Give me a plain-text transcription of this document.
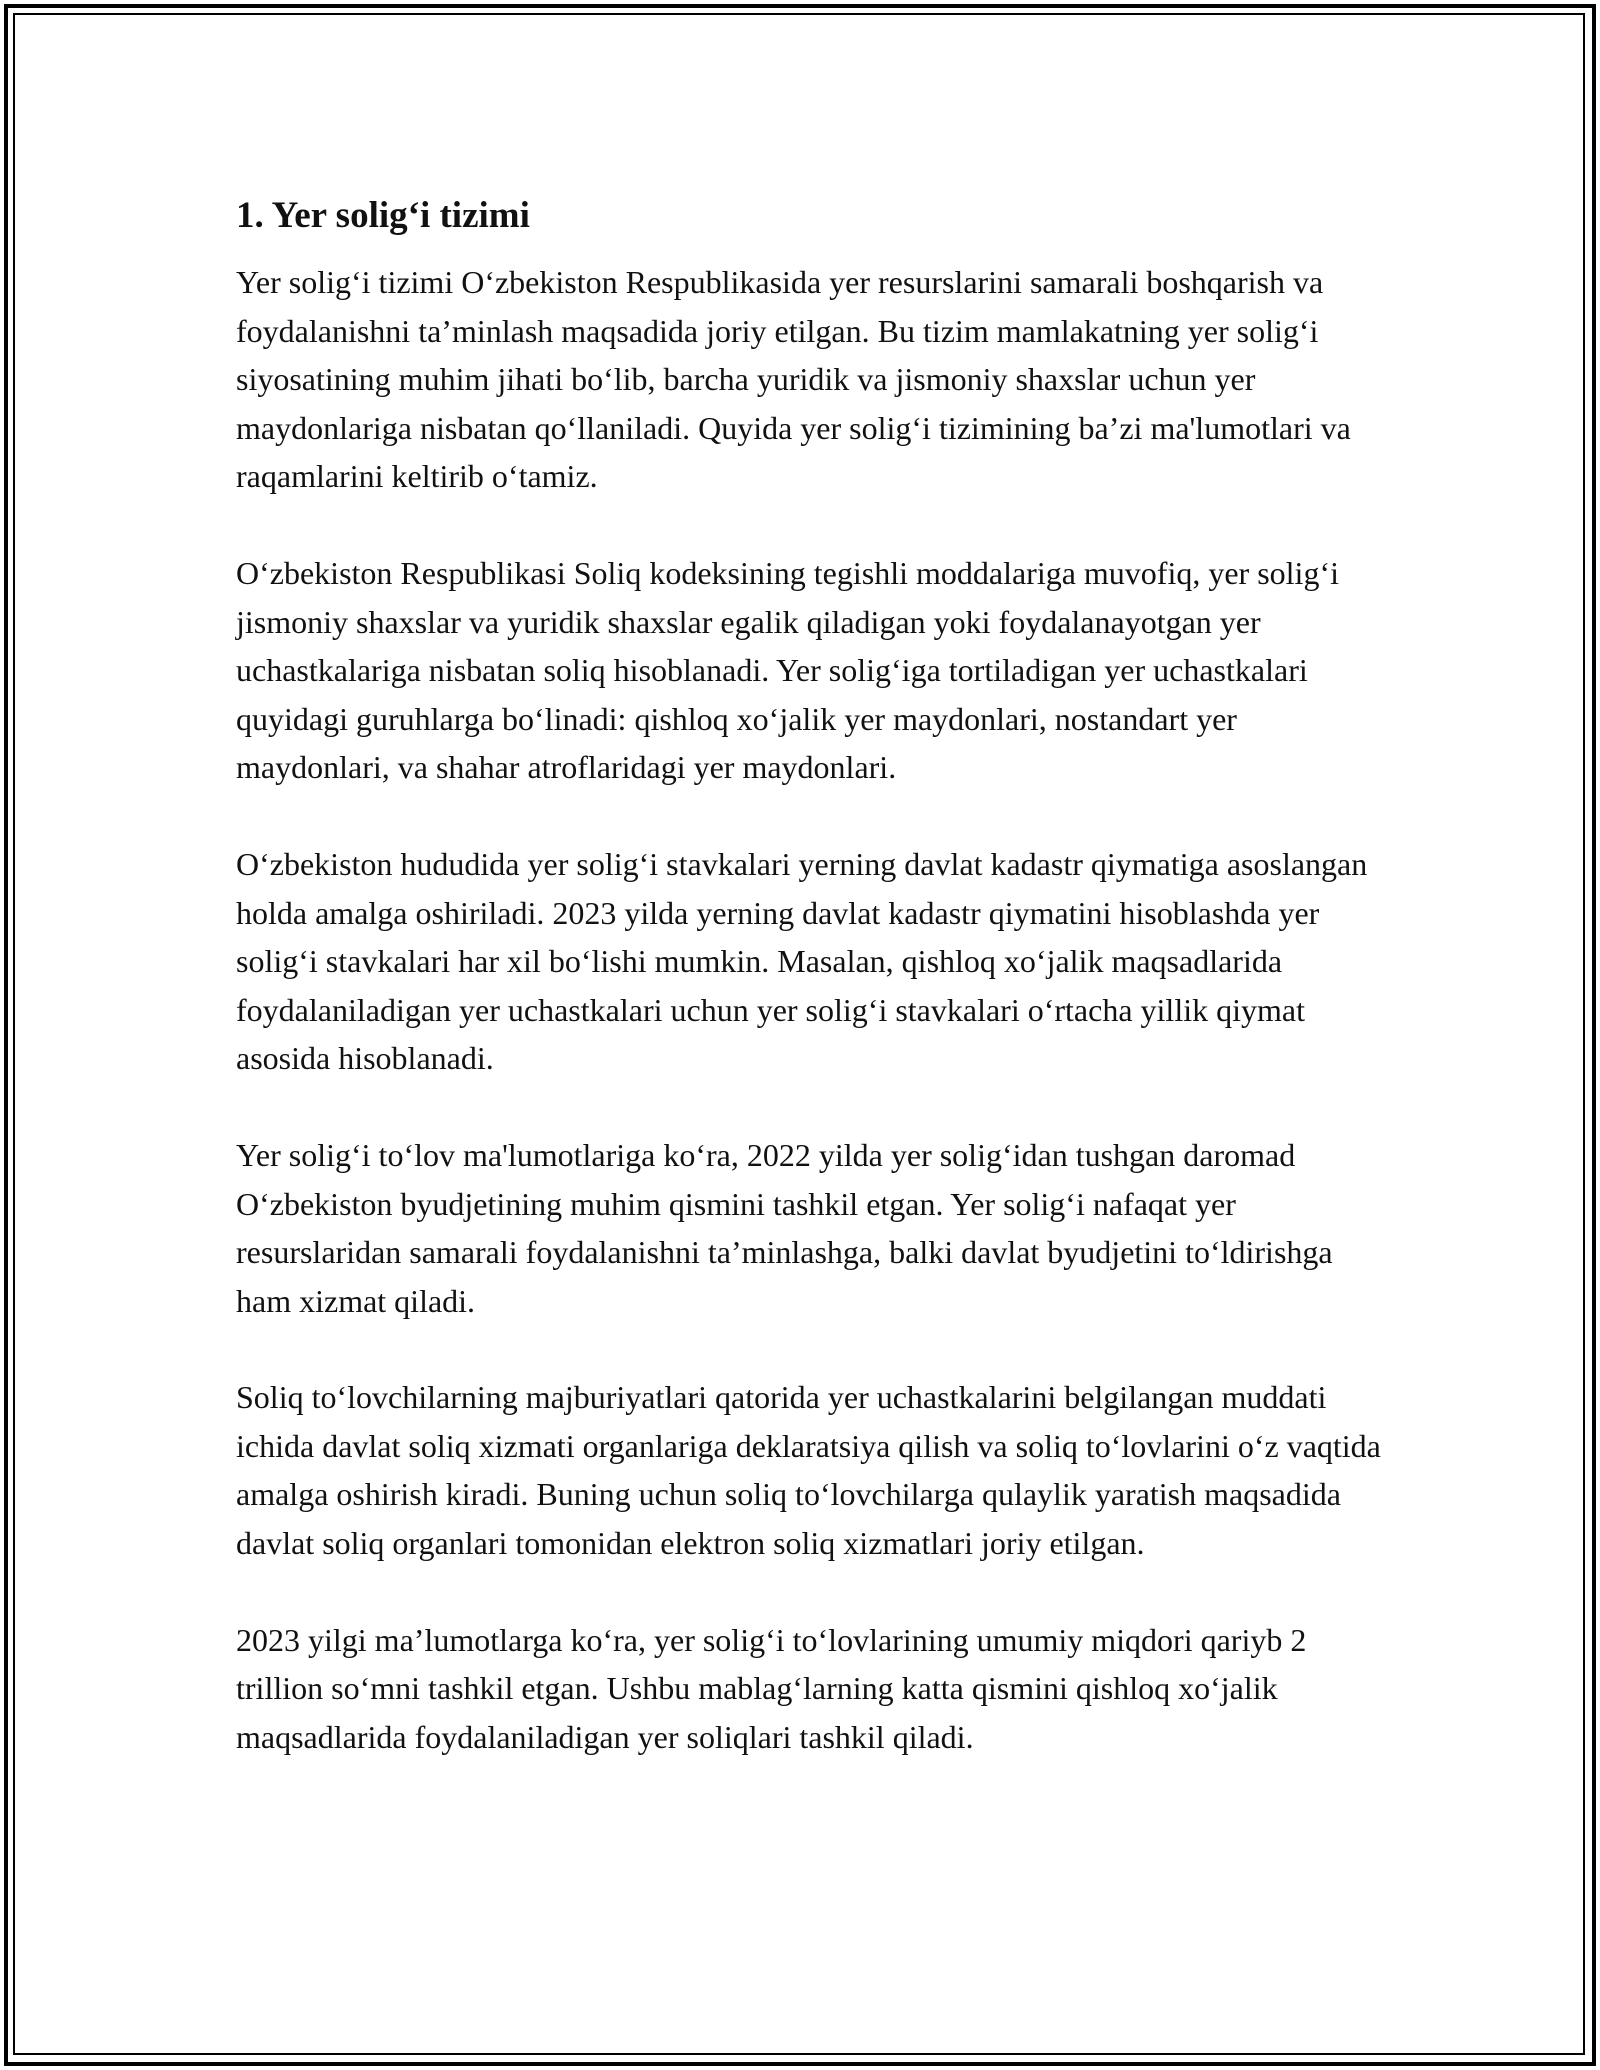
1. Yer solig‘i tizimi

Yer solig‘i tizimi O‘zbekiston Respublikasida yer resurslarini samarali boshqarish va foydalanishni ta’minlash maqsadida joriy etilgan. Bu tizim mamlakatning yer solig‘i siyosatining muhim jihati bo‘lib, barcha yuridik va jismoniy shaxslar uchun yer maydonlariga nisbatan qo‘llaniladi. Quyida yer solig‘i tizimining ba’zi ma'lumotlari va raqamlarini keltirib o‘tamiz.

O‘zbekiston Respublikasi Soliq kodeksining tegishli moddalariga muvofiq, yer solig‘i jismoniy shaxslar va yuridik shaxslar egalik qiladigan yoki foydalanayotgan yer uchastkalariga nisbatan soliq hisoblanadi. Yer solig‘iga tortiladigan yer uchastkalari quyidagi guruhlarga bo‘linadi: qishloq xo‘jalik yer maydonlari, nostandart yer maydonlari, va shahar atroflaridagi yer maydonlari.

O‘zbekiston hududida yer solig‘i stavkalari yerning davlat kadastr qiymatiga asoslangan holda amalga oshiriladi. 2023 yilda yerning davlat kadastr qiymatini hisoblashda yer solig‘i stavkalari har xil bo‘lishi mumkin. Masalan, qishloq xo‘jalik maqsadlarida foydalaniladigan yer uchastkalari uchun yer solig‘i stavkalari o‘rtacha yillik qiymat asosida hisoblanadi.

Yer solig‘i to‘lov ma'lumotlariga ko‘ra, 2022 yilda yer solig‘idan tushgan daromad O‘zbekiston byudjetining muhim qismini tashkil etgan. Yer solig‘i nafaqat yer resurslaridan samarali foydalanishni ta’minlashga, balki davlat byudjetini to‘ldirishga ham xizmat qiladi.

Soliq to‘lovchilarning majburiyatlari qatorida yer uchastkalarini belgilangan muddati ichida davlat soliq xizmati organlariga deklaratsiya qilish va soliq to‘lovlarini o‘z vaqtida amalga oshirish kiradi. Buning uchun soliq to‘lovchilarga qulaylik yaratish maqsadida davlat soliq organlari tomonidan elektron soliq xizmatlari joriy etilgan.

2023 yilgi ma’lumotlarga ko‘ra, yer solig‘i to‘lovlarining umumiy miqdori qariyb 2 trillion so‘mni tashkil etgan. Ushbu mablag‘larning katta qismini qishloq xo‘jalik maqsadlarida foydalaniladigan yer soliqlari tashkil qiladi.
